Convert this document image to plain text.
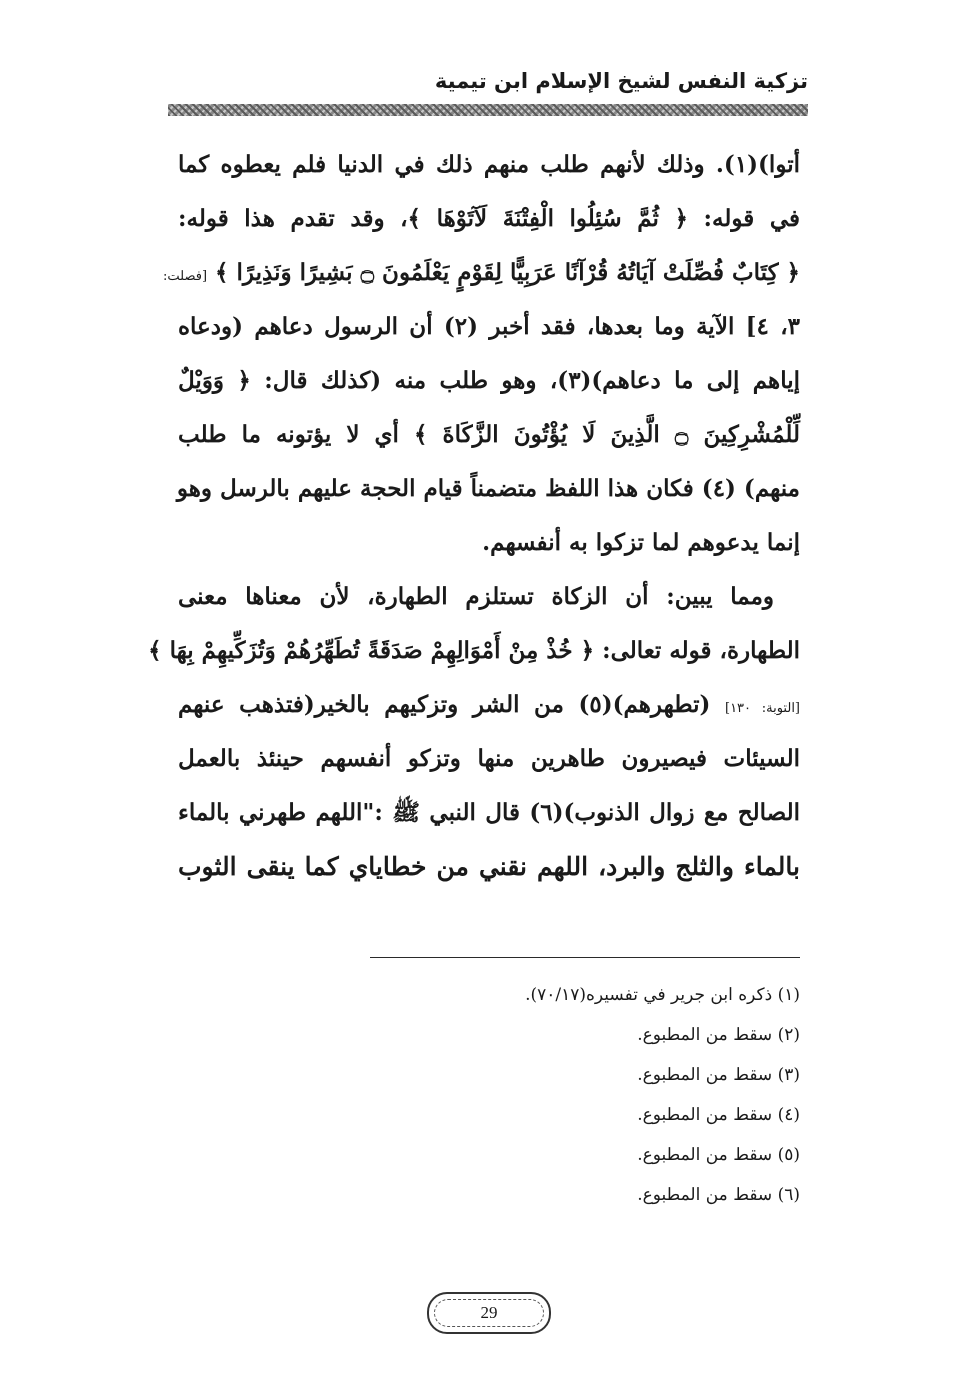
تزكية النفس لشيخ الإسلام ابن تيمية
أتوا)(١). وذلك لأنهم طلب منهم ذلك في الدنيا فلم يعطوه كما
في قوله: ﴿ ثُمَّ سُئِلُوا الْفِتْنَةَ لَآتَوْهَا ﴾، وقد تقدم هذا قوله:
﴿ كِتَابٌ فُصِّلَتْ آيَاتُهُ قُرْآنًا عَرَبِيًّا لِقَوْمٍ يَعْلَمُونَ ۝ بَشِيرًا وَنَذِيرًا ﴾ [فصلت:
٣، ٤] الآية وما بعدها، فقد أخبر (٢) أن الرسول دعاهم (ودعاه
إياهم إلى ما دعاهم)(٣)، وهو طلب منه (كذلك قال: ﴿ وَوَيْلٌ
لِّلْمُشْرِكِينَ ۝ الَّذِينَ لَا يُؤْتُونَ الزَّكَاةَ ﴾ أي لا يؤتونه ما طلب
منهم) (٤) فكان هذا اللفظ متضمناً قيام الحجة عليهم بالرسل وهو
إنما يدعوهم لما تزكوا به أنفسهم.
ومما يبين: أن الزكاة تستلزم الطهارة، لأن معناها معنى
الطهارة، قوله تعالى: ﴿ خُذْ مِنْ أَمْوَالِهِمْ صَدَقَةً تُطَهِّرُهُمْ وَتُزَكِّيهِمْ بِهَا ﴾
[التوبة: ١٣٠] (تطهرهم)(٥) من الشر وتزكيهم بالخير(فتذهب عنهم
السيئات فيصيرون طاهرين منها وتزكو أنفسهم حينئذ بالعمل
الصالح مع زوال الذنوب)(٦) قال النبي ﷺ :"اللهم طهرني بالماء
بالماء والثلج والبرد، اللهم نقني من خطاياي كما ينقى الثوب
(١) ذكره ابن جرير في تفسيره(٧٠/١٧).
(٢) سقط من المطبوع.
(٣) سقط من المطبوع.
(٤) سقط من المطبوع.
(٥) سقط من المطبوع.
(٦) سقط من المطبوع.
29
